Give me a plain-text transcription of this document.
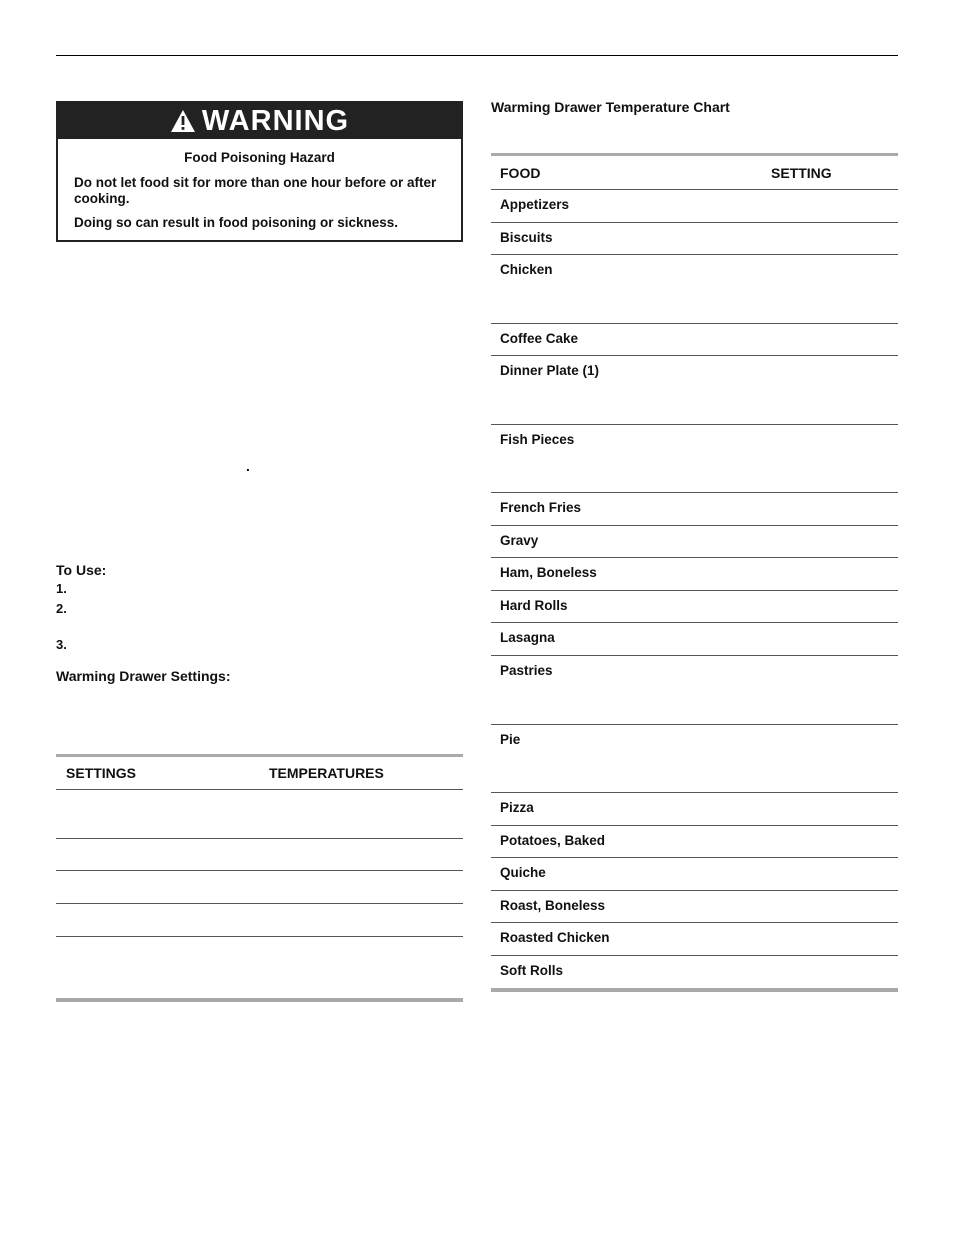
WARNING
Food Poisoning Hazard

Do not let food sit for more than one hour before or after cooking.

Doing so can result in food poisoning or sickness.

.
To Use:
1.
2.
3.
Warming Drawer Settings:
SETTINGS	TEMPERATURES
Warming Drawer Temperature Chart
FOOD	SETTING
Appetizers
Biscuits
Chicken
Coffee Cake
Dinner Plate (1)
Fish Pieces
French Fries
Gravy
Ham, Boneless
Hard Rolls
Lasagna
Pastries
Pie
Pizza
Potatoes, Baked
Quiche
Roast, Boneless
Roasted Chicken
Soft Rolls
